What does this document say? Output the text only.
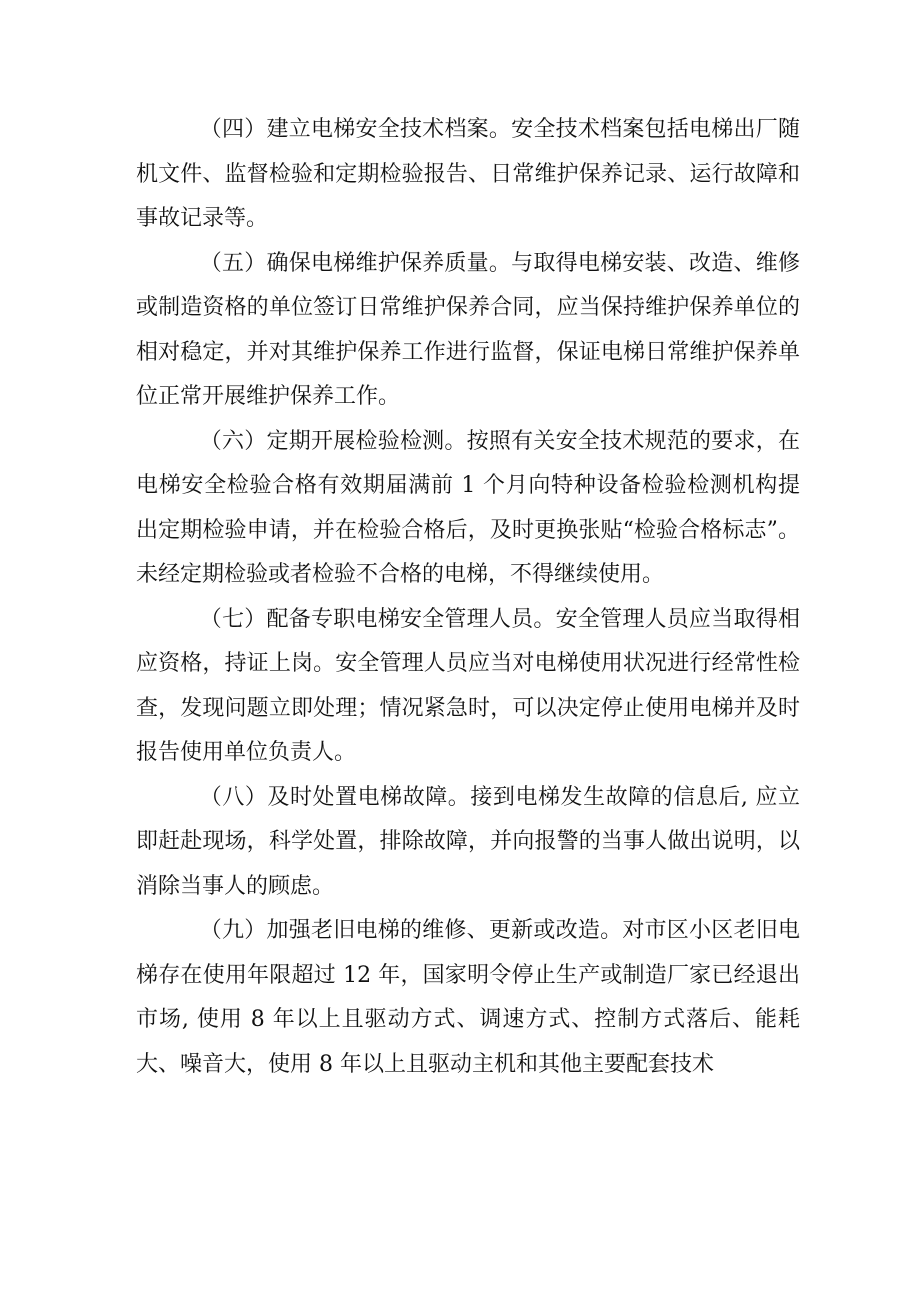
（四）建立电梯安全技术档案。安全技术档案包括电梯出厂随机文件、监督检验和定期检验报告、日常维护保养记录、运行故障和事故记录等。

（五）确保电梯维护保养质量。与取得电梯安装、改造、维修或制造资格的单位签订日常维护保养合同，应当保持维护保养单位的相对稳定，并对其维护保养工作进行监督，保证电梯日常维护保养单位正常开展维护保养工作。

（六）定期开展检验检测。按照有关安全技术规范的要求，在电梯安全检验合格有效期届满前 1 个月向特种设备检验检测机构提出定期检验申请，并在检验合格后，及时更换张贴“检验合格标志”。未经定期检验或者检验不合格的电梯，不得继续使用。

（七）配备专职电梯安全管理人员。安全管理人员应当取得相应资格，持证上岗。安全管理人员应当对电梯使用状况进行经常性检查，发现问题立即处理；情况紧急时，可以决定停止使用电梯并及时报告使用单位负责人。

（八）及时处置电梯故障。接到电梯发生故障的信息后, 应立即赶赴现场，科学处置，排除故障，并向报警的当事人做出说明，以消除当事人的顾虑。

（九）加强老旧电梯的维修、更新或改造。对市区小区老旧电梯存在使用年限超过 12 年，国家明令停止生产或制造厂家已经退出市场, 使用 8 年以上且驱动方式、调速方式、控制方式落后、能耗大、噪音大，使用 8 年以上且驱动主机和其他主要配套技术
